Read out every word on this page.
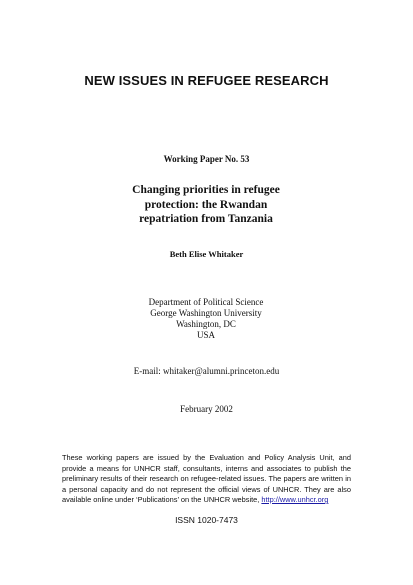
NEW ISSUES IN REFUGEE RESEARCH
Working Paper No. 53
Changing priorities in refugee
protection: the Rwandan
repatriation from Tanzania
Beth Elise Whitaker
Department of Political Science
George Washington University
Washington, DC
USA
E-mail: whitaker@alumni.princeton.edu
February 2002
These working papers are issued by the Evaluation and Policy Analysis Unit, and provide a means for UNHCR staff, consultants, interns and associates to publish the preliminary results of their research on refugee-related issues. The papers are written in a personal capacity and do not represent the official views of UNHCR. They are also available online under ‘Publications’ on the UNHCR website, http://www.unhcr.org
ISSN 1020-7473
